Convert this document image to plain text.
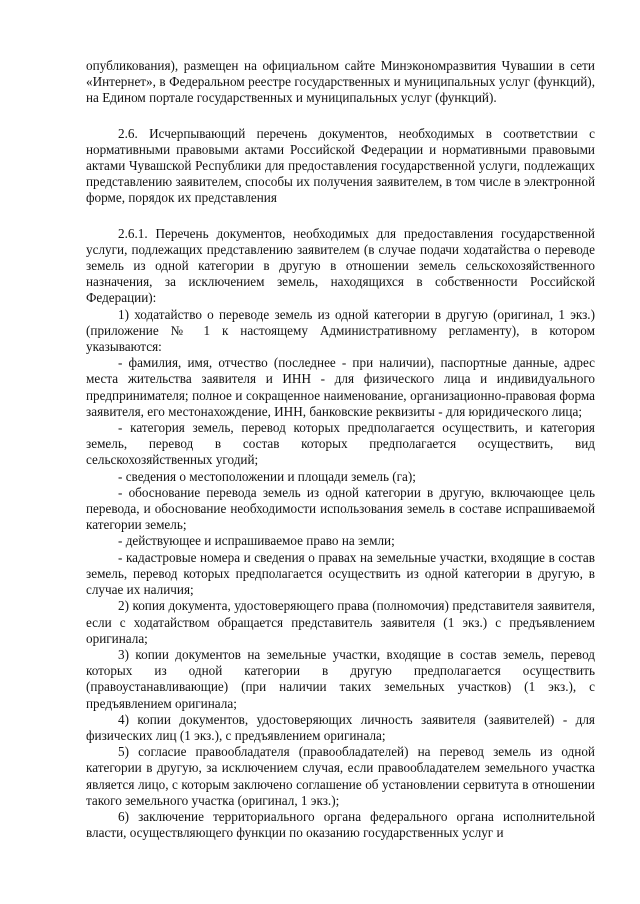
опубликования), размещен на официальном сайте Минэкономразвития Чувашии в сети «Интернет», в Федеральном реестре государственных и муниципальных услуг (функций), на Едином портале государственных и муниципальных услуг (функций).

2.6. Исчерпывающий перечень документов, необходимых в соответствии с нормативными правовыми актами Российской Федерации и нормативными правовыми актами Чувашской Республики для предоставления государственной услуги, подлежащих представлению заявителем, способы их получения заявителем, в том числе в электронной форме, порядок их представления

2.6.1. Перечень документов, необходимых для предоставления государственной услуги, подлежащих представлению заявителем (в случае подачи ходатайства о переводе земель из одной категории в другую в отношении земель сельскохозяйственного назначения, за исключением земель, находящихся в собственности Российской Федерации):

1) ходатайство о переводе земель из одной категории в другую (оригинал, 1 экз.) (приложение № 1 к настоящему Административному регламенту), в котором указываются:

- фамилия, имя, отчество (последнее - при наличии), паспортные данные, адрес места жительства заявителя и ИНН - для физического лица и индивидуального предпринимателя; полное и сокращенное наименование, организационно-правовая форма заявителя, его местонахождение, ИНН, банковские реквизиты - для юридического лица;

- категория земель, перевод которых предполагается осуществить, и категория земель, перевод в состав которых предполагается осуществить, вид сельскохозяйственных угодий;

- сведения о местоположении и площади земель (га);

- обоснование перевода земель из одной категории в другую, включающее цель перевода, и обоснование необходимости использования земель в составе испрашиваемой категории земель;

- действующее и испрашиваемое право на земли;

- кадастровые номера и сведения о правах на земельные участки, входящие в состав земель, перевод которых предполагается осуществить из одной категории в другую, в случае их наличия;

2) копия документа, удостоверяющего права (полномочия) представителя заявителя, если с ходатайством обращается представитель заявителя (1 экз.) с предъявлением оригинала;

3) копии документов на земельные участки, входящие в состав земель, перевод которых из одной категории в другую предполагается осуществить (правоустанавливающие) (при наличии таких земельных участков) (1 экз.), с предъявлением оригинала;

4) копии документов, удостоверяющих личность заявителя (заявителей) - для физических лиц (1 экз.), с предъявлением оригинала;

5) согласие правообладателя (правообладателей) на перевод земель из одной категории в другую, за исключением случая, если правообладателем земельного участка является лицо, с которым заключено соглашение об установлении сервитута в отношении такого земельного участка (оригинал, 1 экз.);

6) заключение территориального органа федерального органа исполнительной власти, осуществляющего функции по оказанию государственных услуг и
